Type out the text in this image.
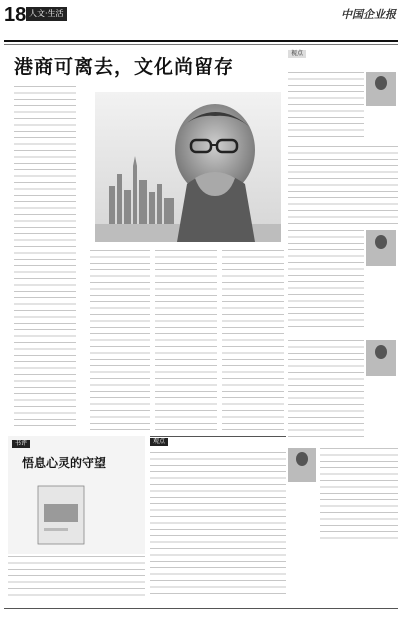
18 人文·生活	中国企业报
港商可离去，文化尚留存
视点
书评
悟息心灵的守望
观点
